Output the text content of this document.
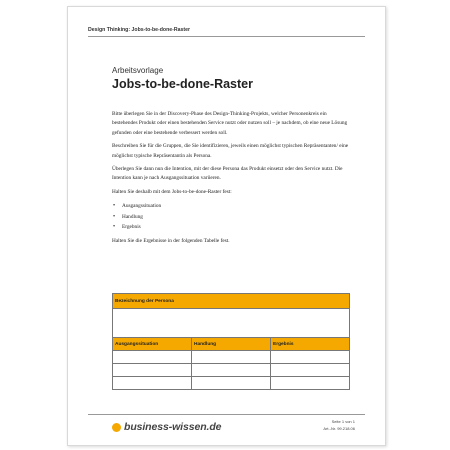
Design Thinking: Jobs-to-be-done-Raster
Arbeitsvorlage
Jobs-to-be-done-Raster

Bitte überlegen Sie in der Discovery-Phase des Design-Thinking-Projekts, welcher Personenkreis ein bestehendes Produkt oder einen bestehenden Service nutzt oder nutzen soll – je nachdem, ob eine neue Lösung gefunden oder eine bestehende verbessert werden soll.

Beschreiben Sie für die Gruppen, die Sie identifizieren, jeweils einen möglichst typischen Repräsentanten/ eine möglichst typische Repräsentantin als Persona.

Überlegen Sie dann nun die Intention, mit der diese Persona das Produkt einsetzt oder den Service nutzt. Die Intention kann je nach Ausgangssituation variieren.

Halten Sie deshalb mit dem Jobs-to-be-done-Raster fest:

• Ausgangssituation
• Handlung
• Ergebnis

Halten Sie die Ergebnisse in der folgenden Tabelle fest.

Bezeichnung der Persona		

Ausgangssituation	Handlung	Ergebnis

business-wissen.de	Seite 1 von 1
Art.-Nr. 99.218.06
